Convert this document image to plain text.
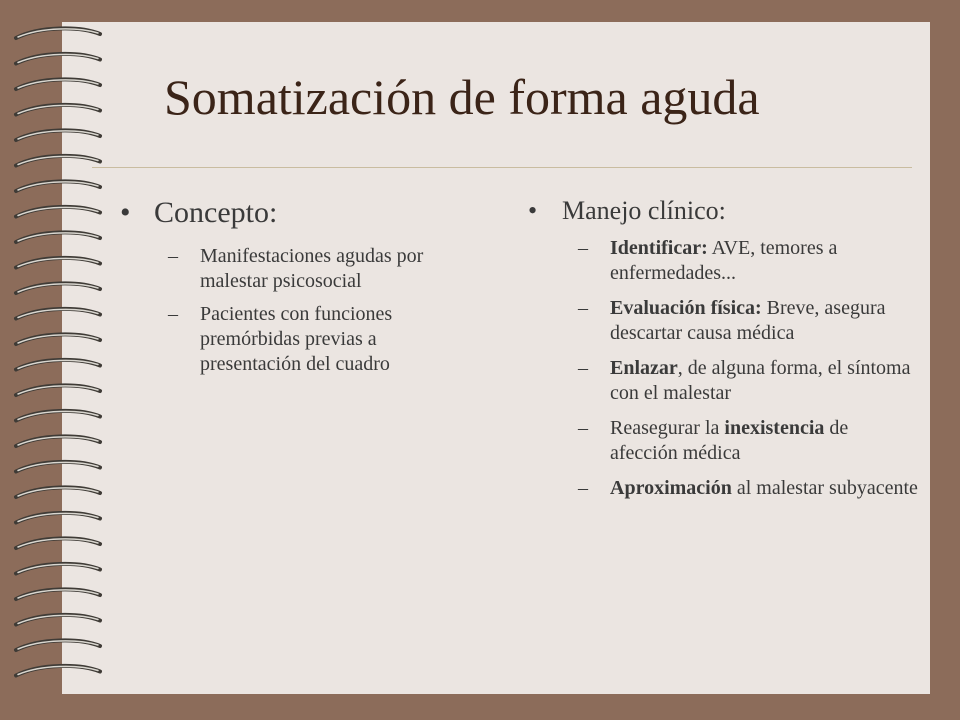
Somatización de forma aguda
• Concepto:
–	Manifestaciones agudas por malestar psicosocial
–	Pacientes con funciones premórbidas previas a presentación del cuadro
• Manejo clínico:
–	Identificar: AVE, temores a enfermedades...
–	Evaluación física: Breve, asegura descartar causa médica
–	Enlazar, de alguna forma, el síntoma con el malestar
–	Reasegurar la inexistencia de afección médica
–	Aproximación al malestar subyacente
